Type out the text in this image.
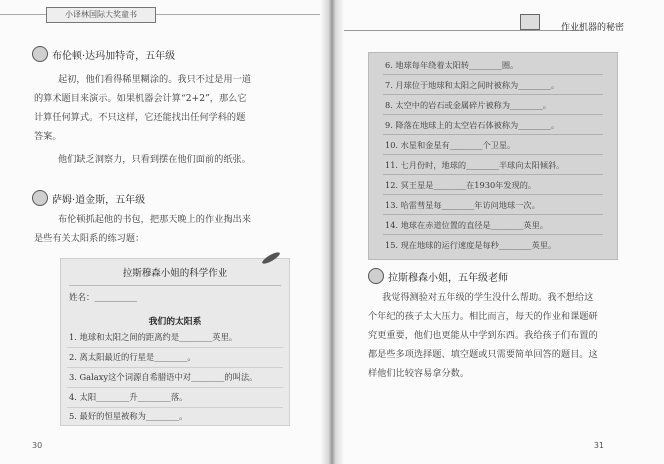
小译林国际大奖童书
布伦顿·达玛加特奇，五年级
起初，他们看得稀里糊涂的。我只不过是用一道
的算术题目来演示。如果机器会计算“2+2”，那么它
计算任何算式。不只这样，它还能找出任何学科的题
答案。
他们缺乏洞察力，只看到摆在他们面前的纸张。
萨姆·道金斯，五年级
布伦顿抓起他的书包，把那天晚上的作业掏出来
是些有关太阳系的练习题：
拉斯穆森小姐的科学作业
姓名：__________
我们的太阳系
1. 地球和太阳之间的距离约是________英里。
2. 离太阳最近的行星是________。
3. Galaxy这个词源自希腊语中对________的叫法。
4. 太阳________升________落。
5. 最好的恒星被称为________。
30
作业机器的秘密
6. 地球每年绕着太阳转________圈。
7. 月球位于地球和太阳之间时被称为________。
8. 太空中的岩石或金属碎片被称为________。
9. 降落在地球上的太空岩石体被称为________。
10. 水星和金星有________个卫星。
11. 七月份时，地球的________半球向太阳倾斜。
12. 冥王星是________在1930年发现的。
13. 哈雷彗星每________年访问地球一次。
14. 地球在赤道位置的直径是________英里。
15. 现在地球的运行速度是每秒________英里。
拉斯穆森小姐，五年级老师
我觉得测验对五年级的学生没什么帮助。我不想给这
个年纪的孩子太大压力。相比而言，每天的作业和课题研
究更重要，他们也更能从中学到东西。我给孩子们布置的
都是些多项选择题、填空题或只需要简单回答的题目。这
样他们比较容易拿分数。
31
